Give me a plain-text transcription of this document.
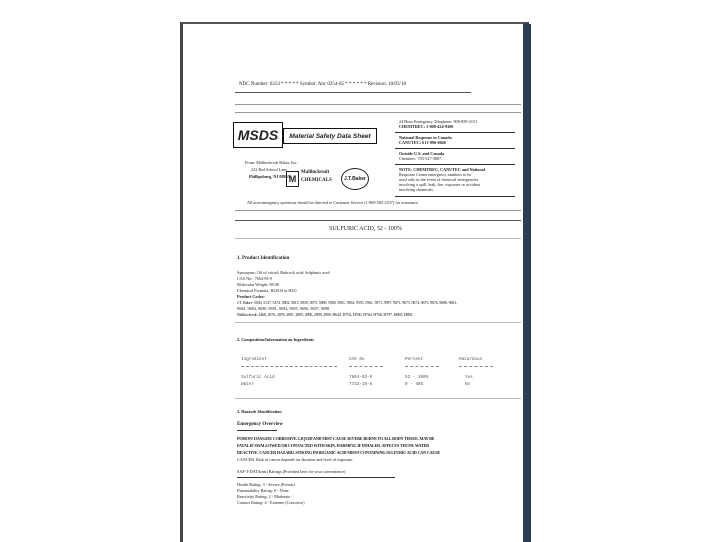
NDC Number: 0254 * * * * * Symbol: Abc 0254-05 * * * * * * Revision: 10/03/18
MSDS	Material Safety Data Sheet
From: Mallinckrodt Baker, Inc.
222 Red School Lane
Phillipsburg, NJ 08865
M
Mallinckrodt
CHEMICALS	J.T.Baker
24 Hour Emergency Telephone: 908-859-2151
CHEMTREC: 1-800-424-9300
National Response in Canada
CANUTEC: 613-996-6666
Outside U.S. and Canada
Chemtrec: 703-527-3887
NOTE: CHEMTREC, CANUTEC and National
Response Center emergency numbers to be
used only in the event of chemical emergencies
involving a spill, leak, fire, exposure or accident
involving chemicals.
All non-emergency questions should be directed to Customer Service (1-800-582-2537) for assistance.
SULFURIC ACID, 52 - 100%
1. Product Identification
Synonyms: Oil of vitriol; Babcock acid; Sulphuric acid
CAS No.: 7664-93-9
Molecular Weight: 98.08
Chemical Formula: H2SO4 in H2O
Product Codes:
J.T. Baker: 5030, 5137, 5374, 5802, 5815, 5859, 5875, 5889, 5900, 5901, 5904, 5955, 5961, 5971, 5997, 9671, 9673, 9674, 9675, 9676, 9680, 9681,
9682, 9684, 9690, 9691, 9694, 9695, 9696, 9697, 9698
Mallinckrodt: 2468, 2876, 2878, 2891, 2895, 2896, 2898, 2900, H644, H754, H760, H764, H766, H797, H865, H892
2. Composition/Information on Ingredients
Ingredient	CAS No	Percent	Hazardous
Sulfuric Acid	7664-93-9	52 - 100%	Yes
Water	7732-18-5	0 - 48%	No
3. Hazards Identification
Emergency Overview
POISON! DANGER! CORROSIVE. LIQUID AND MIST CAUSE SEVERE BURNS TO ALL BODY TISSUE. MAY BE
FATAL IF SWALLOWED OR CONTACTED WITH SKIN. HARMFUL IF INHALED. AFFECTS TEETH. WATER
REACTIVE. CANCER HAZARD. STRONG INORGANIC ACID MISTS CONTAINING SULFURIC ACID CAN CAUSE
CANCER. Risk of cancer depends on duration and level of exposure.
SAF-T-DATA(tm) Ratings (Provided here for your convenience)
Health Rating: 3 - Severe (Poison)
Flammability Rating: 0 - None
Reactivity Rating: 2 - Moderate
Contact Rating: 4 - Extreme (Corrosive)
